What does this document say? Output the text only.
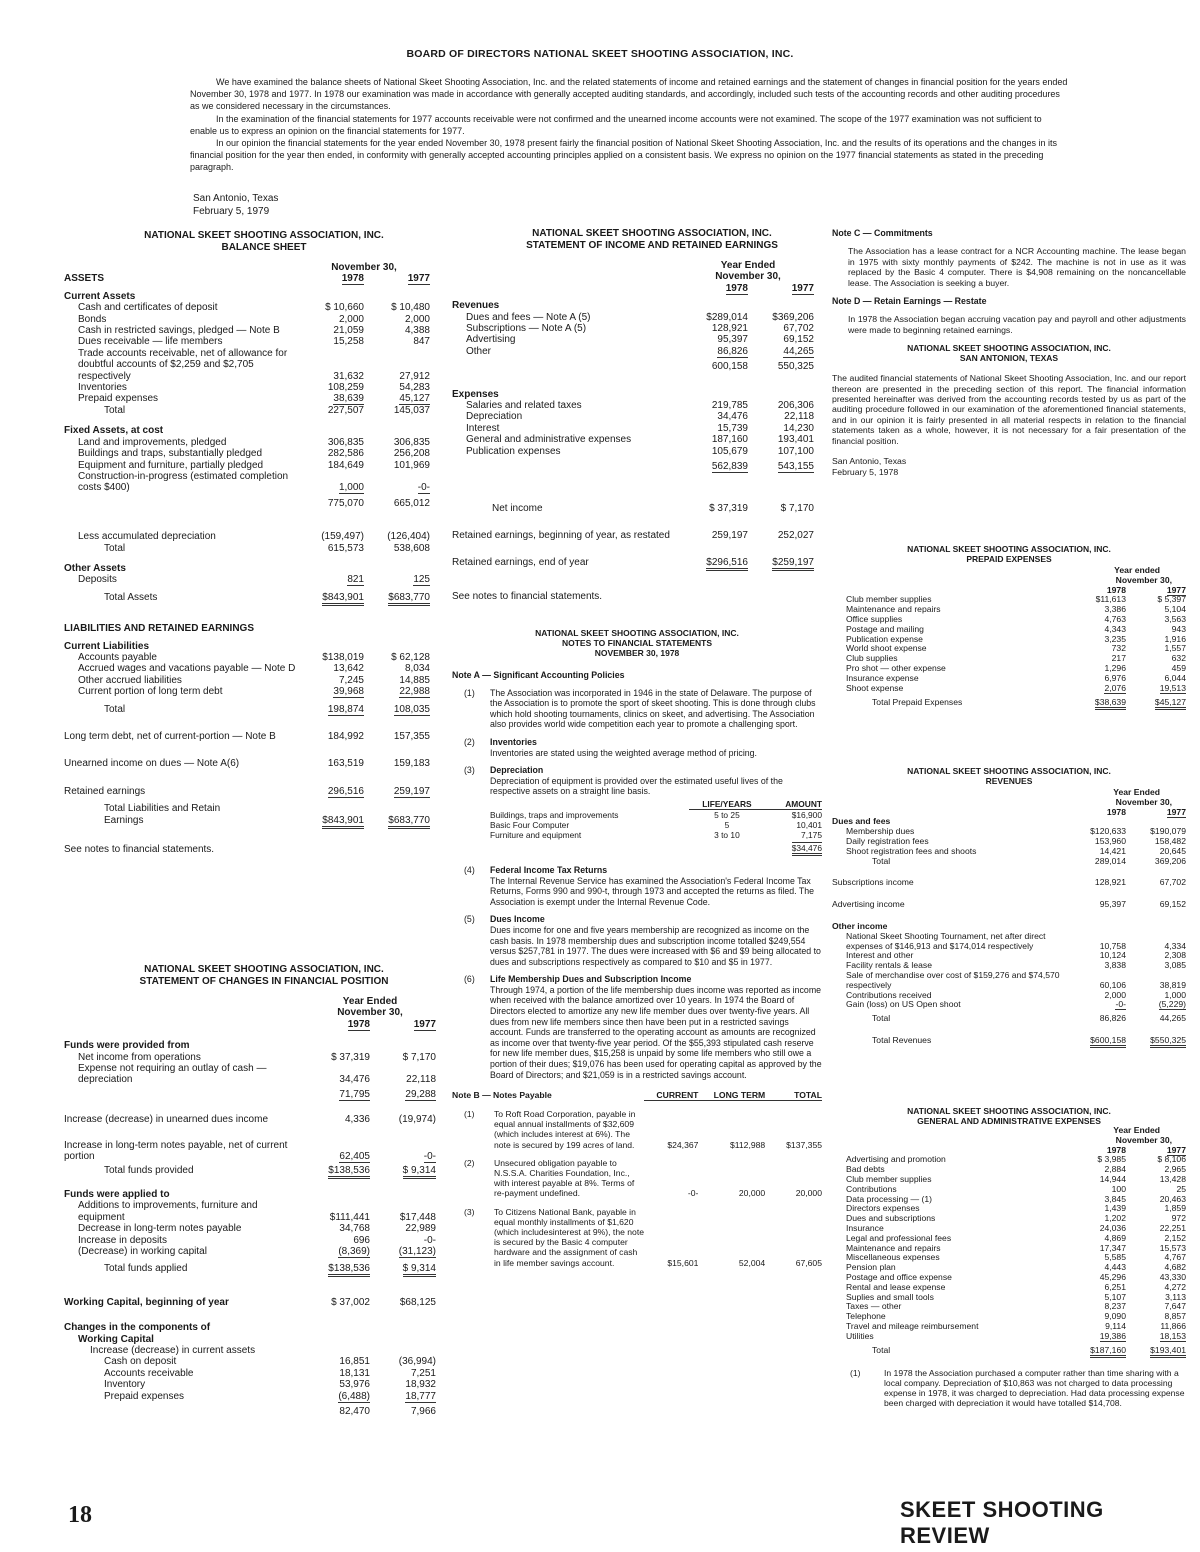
BOARD OF DIRECTORS NATIONAL SKEET SHOOTING ASSOCIATION, INC.

We have examined the balance sheets of National Skeet Shooting Association, Inc. and the related statements of income and retained earnings and the statement of changes in financial position for the years ended November 30, 1978 and 1977. In 1978 our examination was made in accordance with generally accepted auditing standards, and accordingly, included such tests of the accounting records and other auditing procedures as we considered necessary in the circumstances.

In the examination of the financial statements for 1977 accounts receivable were not confirmed and the unearned income accounts were not examined. The scope of the 1977 examination was not sufficient to enable us to express an opinion on the financial statements for 1977.

In our opinion the financial statements for the year ended November 30, 1978 present fairly the financial position of National Skeet Shooting Association, Inc. and the results of its operations and the changes in its financial position for the year then ended, in conformity with generally accepted accounting principles applied on a consistent basis. We express no opinion on the 1977 financial statements as stated in the preceding paragraph.

San Antonio, Texas
February 5, 1979
NATIONAL SKEET SHOOTING ASSOCIATION, INC.
BALANCE SHEET
	November 30,	
ASSETS	1978	1977
Current Assets		
Cash and certificates of deposit	$ 10,660	$ 10,480
Bonds	2,000	2,000
Cash in restricted savings, pledged — Note B	21,059	4,388
Dues receivable — life members	15,258	847
Trade accounts receivable, net of allowance for doubtful accounts of $2,259 and $2,705 respectively	31,632	27,912
Inventories	108,259	54,283
Prepaid expenses	38,639	45,127
Total	227,507	145,037
Fixed Assets, at cost		
Land and improvements, pledged	306,835	306,835
Buildings and traps, substantially pledged	282,586	256,208
Equipment and furniture, partially pledged	184,649	101,969
Construction-in-progress (estimated completion costs $400)	1,000	-0-
	775,070	665,012
Less accumulated depreciation	(159,497)	(126,404)
Total	615,573	538,608
Other Assets		
Deposits	821	125
Total Assets	$843,901	$683,770
LIABILITIES AND RETAINED EARNINGS		
Current Liabilities		
Accounts payable	$138,019	$ 62,128
Accrued wages and vacations payable — Note D	13,642	8,034
Other accrued liabilities	7,245	14,885
Current portion of long term debt	39,968	22,988
Total	198,874	108,035
Long term debt, net of current-portion — Note B	184,992	157,355
Unearned income on dues — Note A(6)	163,519	159,183
Retained earnings	296,516	259,197
Total Liabilities and Retain Earnings	$843,901	$683,770
See notes to financial statements.
NATIONAL SKEET SHOOTING ASSOCIATION, INC.
STATEMENT OF CHANGES IN FINANCIAL POSITION
	Year Ended	
	November 30,	
	1978	1977
Funds were provided from		
Net income from operations	$ 37,319	$ 7,170
Expense not requiring an outlay of cash — depreciation	34,476	22,118
	71,795	29,288
Increase (decrease) in unearned dues income	4,336	(19,974)
Increase in long-term notes payable, net of current portion	62,405	-0-
Total funds provided	$138,536	$ 9,314
Funds were applied to		
Additions to improvements, furniture and equipment	$111,441	$17,448
Decrease in long-term notes payable	34,768	22,989
Increase in deposits	696	-0-
(Decrease) in working capital	(8,369)	(31,123)
Total funds applied	$138,536	$ 9,314
Working Capital, beginning of year	$ 37,002	$68,125
Changes in the components of		
Working Capital		
Increase (decrease) in current assets		
Cash on deposit	16,851	(36,994)
Accounts receivable	18,131	7,251
Inventory	53,976	18,932
Prepaid expenses	(6,488)	18,777
	82,470	7,966
NATIONAL SKEET SHOOTING ASSOCIATION, INC.
STATEMENT OF INCOME AND RETAINED EARNINGS
	Year Ended	
	November 30,	
	1978	1977
Revenues		
Dues and fees — Note A (5)	$289,014	$369,206
Subscriptions — Note A (5)	128,921	67,702
Advertising	95,397	69,152
Other	86,826	44,265
	600,158	550,325
Expenses		
Salaries and related taxes	219,785	206,306
Depreciation	34,476	22,118
Interest	15,739	14,230
General and administrative expenses	187,160	193,401
Publication expenses	105,679	107,100
	562,839	543,155
Net income	$ 37,319	$ 7,170
Retained earnings, beginning of year, as restated	259,197	252,027
Retained earnings, end of year	$296,516	$259,197
See notes to financial statements.
NATIONAL SKEET SHOOTING ASSOCIATION, INC.
NOTES TO FINANCIAL STATEMENTS
NOVEMBER 30, 1978
Note A — Significant Accounting Policies
(1)	The Association was incorporated in 1946 in the state of Delaware. The purpose of the Association is to promote the sport of skeet shooting. This is done through clubs which hold shooting tournaments, clinics on skeet, and advertising. The Association also provides world wide competition each year to promote a challenging sport.
(2)	Inventories
Inventories are stated using the weighted average method of pricing.
(3)	Depreciation
Depreciation of equipment is provided over the estimated useful lives of the respective assets on a straight line basis.
	LIFE/YEARS	AMOUNT
Buildings, traps and improvements	5 to 25	$16,900
Basic Four Computer	5	10,401
Furniture and equipment	3 to 10	7,175
		$34,476
(4)	Federal Income Tax Returns
The Internal Revenue Service has examined the Association's Federal Income Tax Returns, Forms 990 and 990-t, through 1973 and accepted the returns as filed. The Association is exempt under the Internal Revenue Code.
(5)	Dues Income
Dues income for one and five years membership are recognized as income on the cash basis. In 1978 membership dues and subscription income totalled $249,554 versus $257,781 in 1977. The dues were increased with $6 and $9 being allocated to dues and subscriptions respectively as compared to $10 and $5 in 1977.
(6)	Life Membership Dues and Subscription Income
Through 1974, a portion of the life membership dues income was reported as income when received with the balance amortized over 10 years. In 1974 the Board of Directors elected to amortize any new life member dues over twenty-five years. All dues from new life members since then have been put in a restricted savings account. Funds are transferred to the operating account as amounts are recognized as income over that twenty-five year period. Of the $55,393 stipulated cash reserve for new life member dues, $15,258 is unpaid by some life members who still owe a portion of their dues; $19,076 has been used for operating capital as approved by the Board of Directors; and $21,059 is in a restricted savings account.
Note B — Notes Payable		CURRENT	LONG TERM	TOTAL
(1)	To Roft Road Corporation, payable in equal annual installments of $32,609 (which includes interest at 6%). The note is secured by 199 acres of land.	$24,367	$112,988	$137,355
(2)	Unsecured obligation payable to N.S.S.A. Charities Foundation, Inc., with interest payable at 8%. Terms of re-payment undefined.	-0-	20,000	20,000
(3)	To Citizens National Bank, payable in equal monthly installments of $1,620 (which includesinterest at 9%), the note is secured by the Basic 4 computer hardware and the assignment of cash in life member savings account.	$15,601	52,004	67,605
Note C — Commitments
The Association has a lease contract for a NCR Accounting machine. The lease began in 1975 with sixty monthly payments of $242. The machine is not in use as it was replaced by the Basic 4 computer. There is $4,908 remaining on the noncancellable lease. The Association is seeking a buyer.
Note D — Retain Earnings — Restate
In 1978 the Association began accruing vacation pay and payroll and other adjustments were made to beginning retained earnings.
NATIONAL SKEET SHOOTING ASSOCIATION, INC.
SAN ANTONION, TEXAS
The audited financial statements of National Skeet Shooting Association, Inc. and our report thereon are presented in the preceding section of this report. The financial information presented hereinafter was derived from the accounting records tested by us as part of the auditing procedure followed in our examination of the aforementioned financial statements, and in our opinion it is fairly presented in all material respects in relation to the financial statements taken as a whole, however, it is not necessary for a fair presentation of the financial position.
San Antonio, Texas
February 5, 1978
NATIONAL SKEET SHOOTING ASSOCIATION, INC.
PREPAID EXPENSES
	Year ended	
	November 30,	
	1978	1977
Club member supplies	$11,613	$ 5,397
Maintenance and repairs	3,386	5,104
Office supplies	4,763	3,563
Postage and mailing	4,343	943
Publication expense	3,235	1,916
World shoot expense	732	1,557
Club supplies	217	632
Pro shot — other expense	1,296	459
Insurance expense	6,976	6,044
Shoot expense	2,076	19,513
Total Prepaid Expenses	$38,639	$45,127
NATIONAL SKEET SHOOTING ASSOCIATION, INC.
REVENUES
	Year Ended	
	November 30,	
	1978	1977
Dues and fees		
Membership dues	$120,633	$190,079
Daily registration fees	153,960	158,482
Shoot registration fees and shoots	14,421	20,645
Total	289,014	369,206
Subscriptions income	128,921	67,702
Advertising income	95,397	69,152
Other income		
National Skeet Shooting Tournament, net after direct expenses of $146,913 and $174,014 respectively	10,758	4,334
Interest and other	10,124	2,308
Facility rentals & lease	3,838	3,085
Sale of merchandise over cost of $159,276 and $74,570 respectively	60,106	38,819
Contributions received	2,000	1,000
Gain (loss) on US Open shoot	-0-	(5,229)
Total	86,826	44,265
Total Revenues	$600,158	$550,325
NATIONAL SKEET SHOOTING ASSOCIATION, INC.
GENERAL AND ADMINISTRATIVE EXPENSES
	Year Ended	
	November 30,	
	1978	1977
Advertising and promotion	$ 3,985	$ 8,106
Bad debts	2,884	2,965
Club member supplies	14,944	13,428
Contributions	100	25
Data processing — (1)	3,845	20,463
Directors expenses	1,439	1,859
Dues and subscriptions	1,202	972
Insurance	24,036	22,251
Legal and professional fees	4,869	2,152
Maintenance and repairs	17,347	15,573
Miscellaneous expenses	5,585	4,767
Pension plan	4,443	4,682
Postage and office expense	45,296	43,330
Rental and lease expense	6,251	4,272
Suplies and small tools	5,107	3,113
Taxes — other	8,237	7,647
Telephone	9,090	8,857
Travel and mileage reimbursement	9,114	11,866
Utilities	19,386	18,153
Total	$187,160	$193,401
(1)	In 1978 the Association purchased a computer rather than time sharing with a local company. Depreciation of $10,863 was not charged to data processing expense in 1978, it was charged to depreciation. Had data processing expense been charged with depreciation it would have totalled $14,708.
18	SKEET SHOOTING REVIEW
